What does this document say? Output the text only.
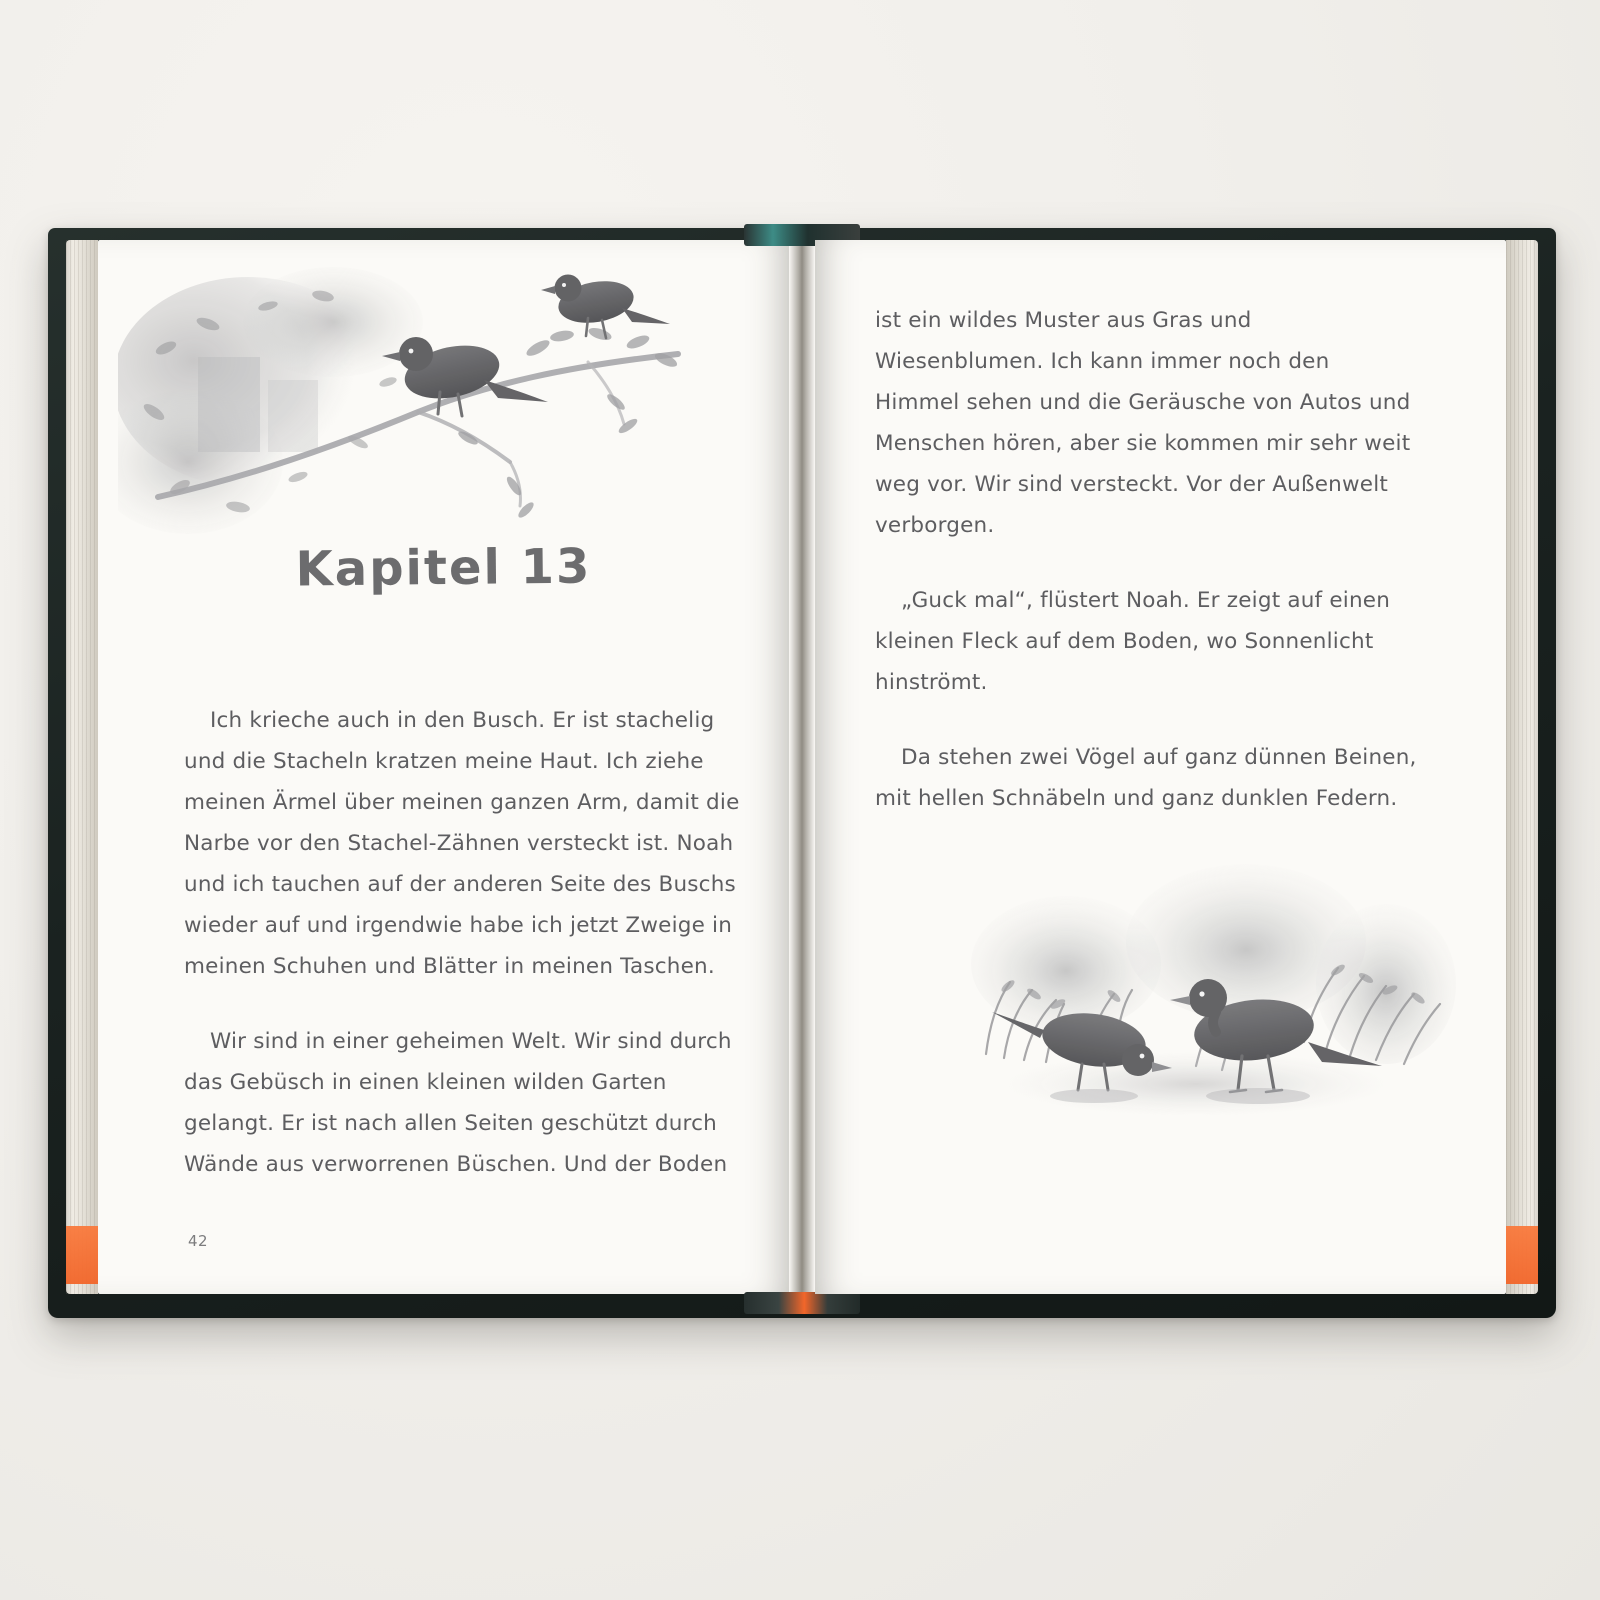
Kapitel 13

Ich krieche auch in den Busch. Er ist stachelig und die Stacheln kratzen meine Haut. Ich ziehe meinen Ärmel über meinen ganzen Arm, damit die Narbe vor den Stachel-Zähnen versteckt ist. Noah und ich tauchen auf der anderen Seite des Buschs wieder auf und irgendwie habe ich jetzt Zweige in meinen Schuhen und Blätter in meinen Taschen.

Wir sind in einer geheimen Welt. Wir sind durch das Gebüsch in einen kleinen wilden Garten gelangt. Er ist nach allen Seiten geschützt durch Wände aus verworrenen Büschen. Und der Boden

42

ist ein wildes Muster aus Gras und Wiesenblumen. Ich kann immer noch den Himmel sehen und die Geräusche von Autos und Menschen hören, aber sie kommen mir sehr weit weg vor. Wir sind versteckt. Vor der Außenwelt verborgen.

„Guck mal“, flüstert Noah. Er zeigt auf einen kleinen Fleck auf dem Boden, wo Sonnenlicht hinströmt.

Da stehen zwei Vögel auf ganz dünnen Beinen, mit hellen Schnäbeln und ganz dunklen Federn.
